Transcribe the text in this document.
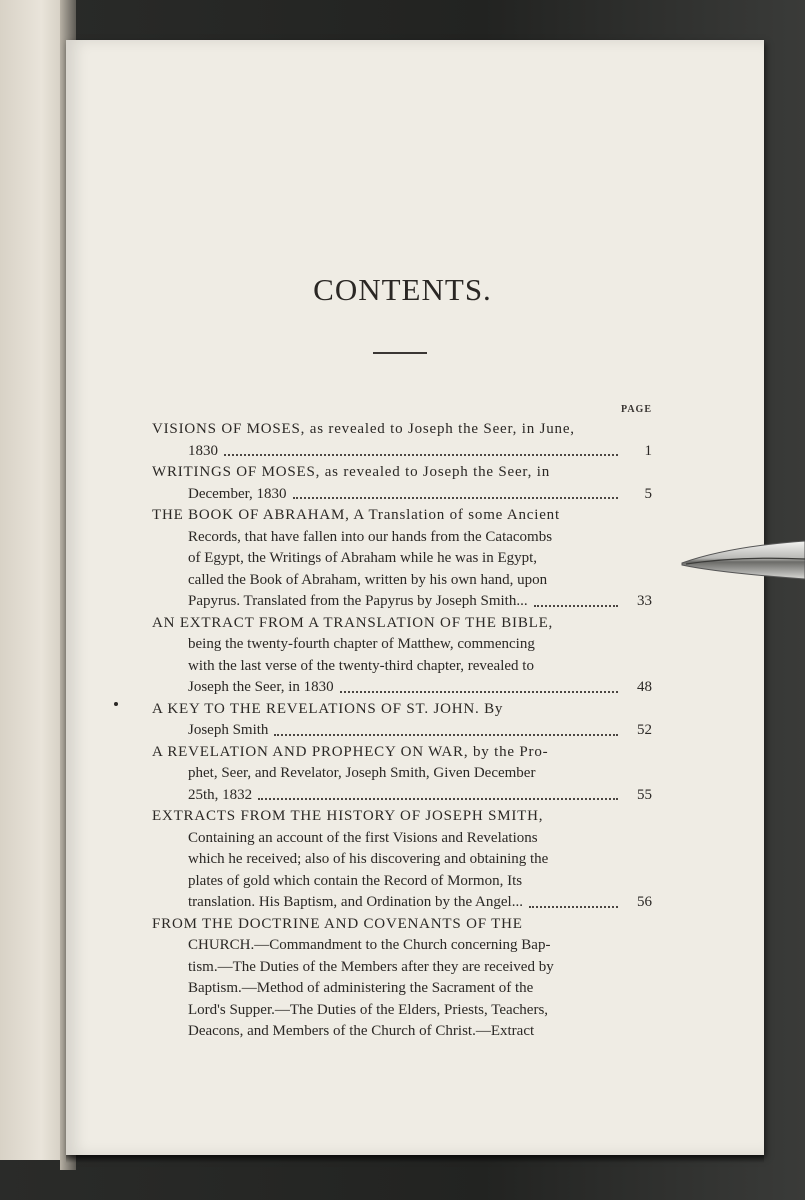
CONTENTS.
PAGE
VISIONS OF MOSES, as revealed to Joseph the Seer, in June,
1830	1
WRITINGS OF MOSES, as revealed to Joseph the Seer, in
December, 1830	5
THE BOOK OF ABRAHAM, A Translation of some Ancient
Records, that have fallen into our hands from the Catacombs
of Egypt, the Writings of Abraham while he was in Egypt,
called the Book of Abraham, written by his own hand, upon
Papyrus. Translated from the Papyrus by Joseph Smith...	33
AN EXTRACT FROM A TRANSLATION OF THE BIBLE,
being the twenty-fourth chapter of Matthew, commencing
with the last verse of the twenty-third chapter, revealed to
Joseph the Seer, in 1830	48
A KEY TO THE REVELATIONS OF ST. JOHN. By
Joseph Smith	52
A REVELATION AND PROPHECY ON WAR, by the Pro-
phet, Seer, and Revelator, Joseph Smith, Given December
25th, 1832	55
EXTRACTS FROM THE HISTORY OF JOSEPH SMITH,
Containing an account of the first Visions and Revelations
which he received; also of his discovering and obtaining the
plates of gold which contain the Record of Mormon, Its
translation. His Baptism, and Ordination by the Angel...	56
FROM THE DOCTRINE AND COVENANTS OF THE
CHURCH.—Commandment to the Church concerning Bap-
tism.—The Duties of the Members after they are received by
Baptism.—Method of administering the Sacrament of the
Lord's Supper.—The Duties of the Elders, Priests, Teachers,
Deacons, and Members of the Church of Christ.—Extract
